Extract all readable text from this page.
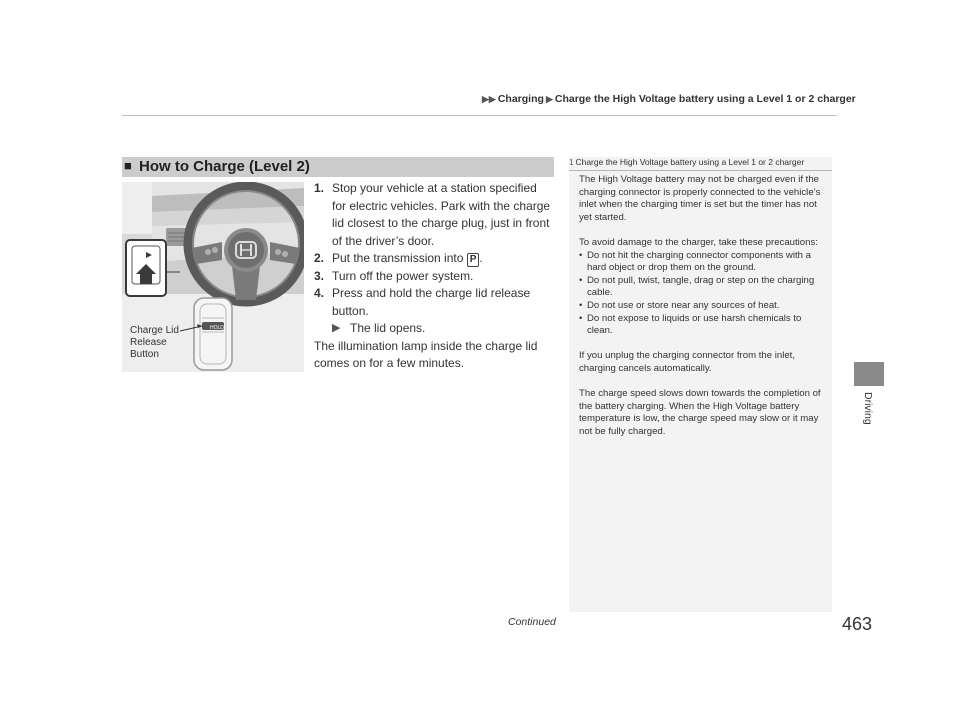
▶▶ Charging ▶ Charge the High Voltage battery using a Level 1 or 2 charger
Driving
■ How to Charge (Level 2)
HOLD
Charge Lid
Release
Button
1. Stop your vehicle at a station specified for electric vehicles. Park with the charge lid closest to the charge plug, just in front of the driver’s door.
2. Put the transmission into P .
3. Turn off the power system.
4. Press and hold the charge lid release button.
▶ The lid opens.
The illumination lamp inside the charge lid comes on for a few minutes.
1 Charge the High Voltage battery using a Level 1 or 2 charger

The High Voltage battery may not be charged even if the charging connector is properly connected to the vehicle’s inlet when the charging timer is set but the timer has not yet started.

To avoid damage to the charger, take these precautions:
• Do not hit the charging connector components with a hard object or drop them on the ground.
• Do not pull, twist, tangle, drag or step on the charging cable.
• Do not use or store near any sources of heat.
• Do not expose to liquids or use harsh chemicals to clean.

If you unplug the charging connector from the inlet, charging cancels automatically.

The charge speed slows down towards the completion of the battery charging. When the High Voltage battery temperature is low, the charge speed may slow or it may not be fully charged.

Continued	463
